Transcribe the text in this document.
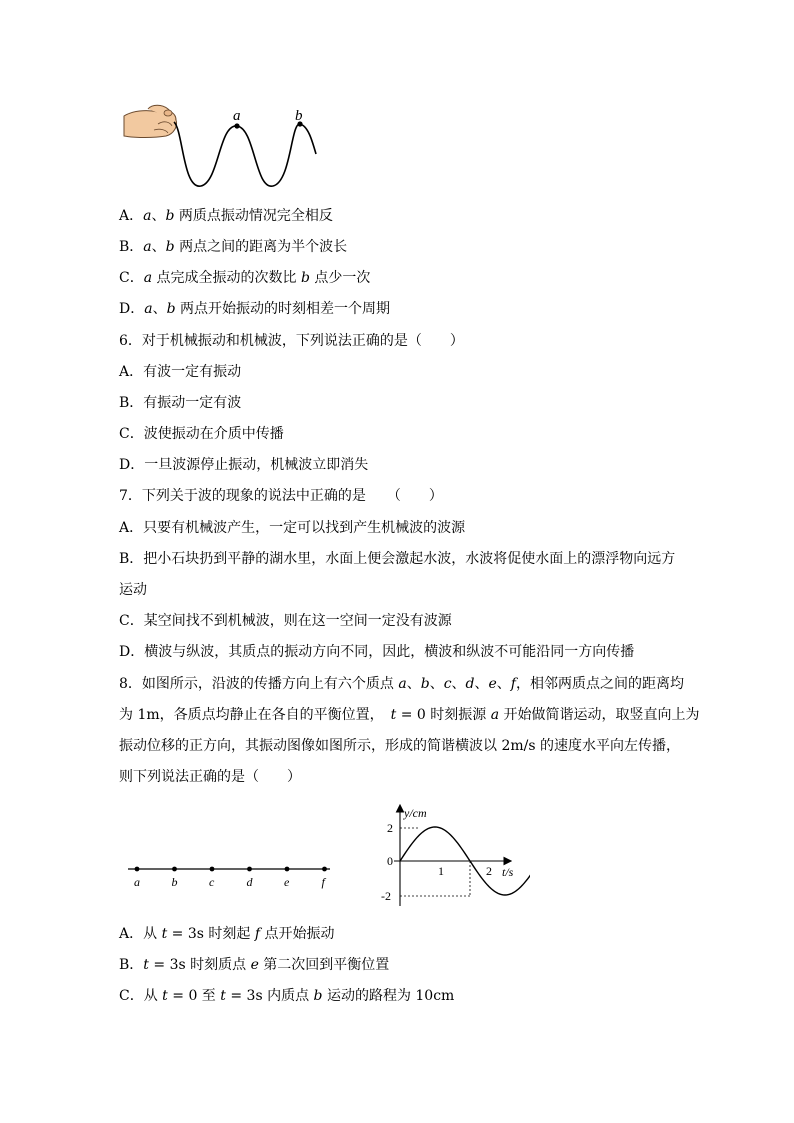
a	b
A．a、b 两质点振动情况完全相反
B．a、b 两点之间的距离为半个波长
C．a 点完成全振动的次数比 b 点少一次
D．a、b 两点开始振动的时刻相差一个周期
6．对于机械振动和机械波，下列说法正确的是（　　）
A．有波一定有振动
B．有振动一定有波
C．波使振动在介质中传播
D．一旦波源停止振动，机械波立即消失
7．下列关于波的现象的说法中正确的是　　（　　）
A．只要有机械波产生，一定可以找到产生机械波的波源
B．把小石块扔到平静的湖水里，水面上便会激起水波，水波将促使水面上的漂浮物向远方
运动
C．某空间找不到机械波，则在这一空间一定没有波源
D．横波与纵波，其质点的振动方向不同，因此，横波和纵波不可能沿同一方向传播
8．如图所示，沿波的传播方向上有六个质点 a、b、c、d、e、f，相邻两质点之间的距离均
为 1m，各质点均静止在各自的平衡位置，　t = 0 时刻振源 a 开始做简谐运动，取竖直向上为
振动位移的正方向，其振动图像如图所示，形成的简谐横波以 2m/s 的速度水平向左传播，
则下列说法正确的是（　　）
a	b	c	d	e	f
y/cm
t/s
2
0
-2
1	2
A．从 t = 3s 时刻起 f 点开始振动
B．t = 3s 时刻质点 e 第二次回到平衡位置
C．从 t = 0 至 t = 3s 内质点 b 运动的路程为 10cm
